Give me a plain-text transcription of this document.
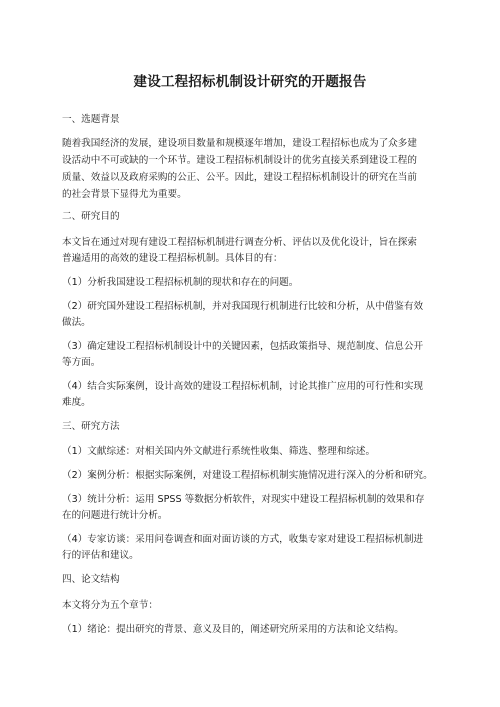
建设工程招标机制设计研究的开题报告
一、选题背景
随着我国经济的发展，建设项目数量和规模逐年增加，建设工程招标也成为了众多建
设活动中不可或缺的一个环节。建设工程招标机制设计的优劣直接关系到建设工程的
质量、效益以及政府采购的公正、公平。因此，建设工程招标机制设计的研究在当前
的社会背景下显得尤为重要。
二、研究目的
本文旨在通过对现有建设工程招标机制进行调查分析、评估以及优化设计，旨在探索
普遍适用的高效的建设工程招标机制。具体目的有：
（1）分析我国建设工程招标机制的现状和存在的问题。
（2）研究国外建设工程招标机制，并对我国现行机制进行比较和分析，从中借鉴有效
做法。
（3）确定建设工程招标机制设计中的关键因素，包括政策指导、规范制度、信息公开
等方面。
（4）结合实际案例，设计高效的建设工程招标机制，讨论其推广应用的可行性和实现
难度。
三、研究方法
（1）文献综述：对相关国内外文献进行系统性收集、筛选、整理和综述。
（2）案例分析：根据实际案例，对建设工程招标机制实施情况进行深入的分析和研究。
（3）统计分析：运用 SPSS 等数据分析软件，对现实中建设工程招标机制的效果和存
在的问题进行统计分析。
（4）专家访谈：采用问卷调查和面对面访谈的方式，收集专家对建设工程招标机制进
行的评估和建议。
四、论文结构
本文将分为五个章节：
（1）绪论：提出研究的背景、意义及目的，阐述研究所采用的方法和论文结构。
